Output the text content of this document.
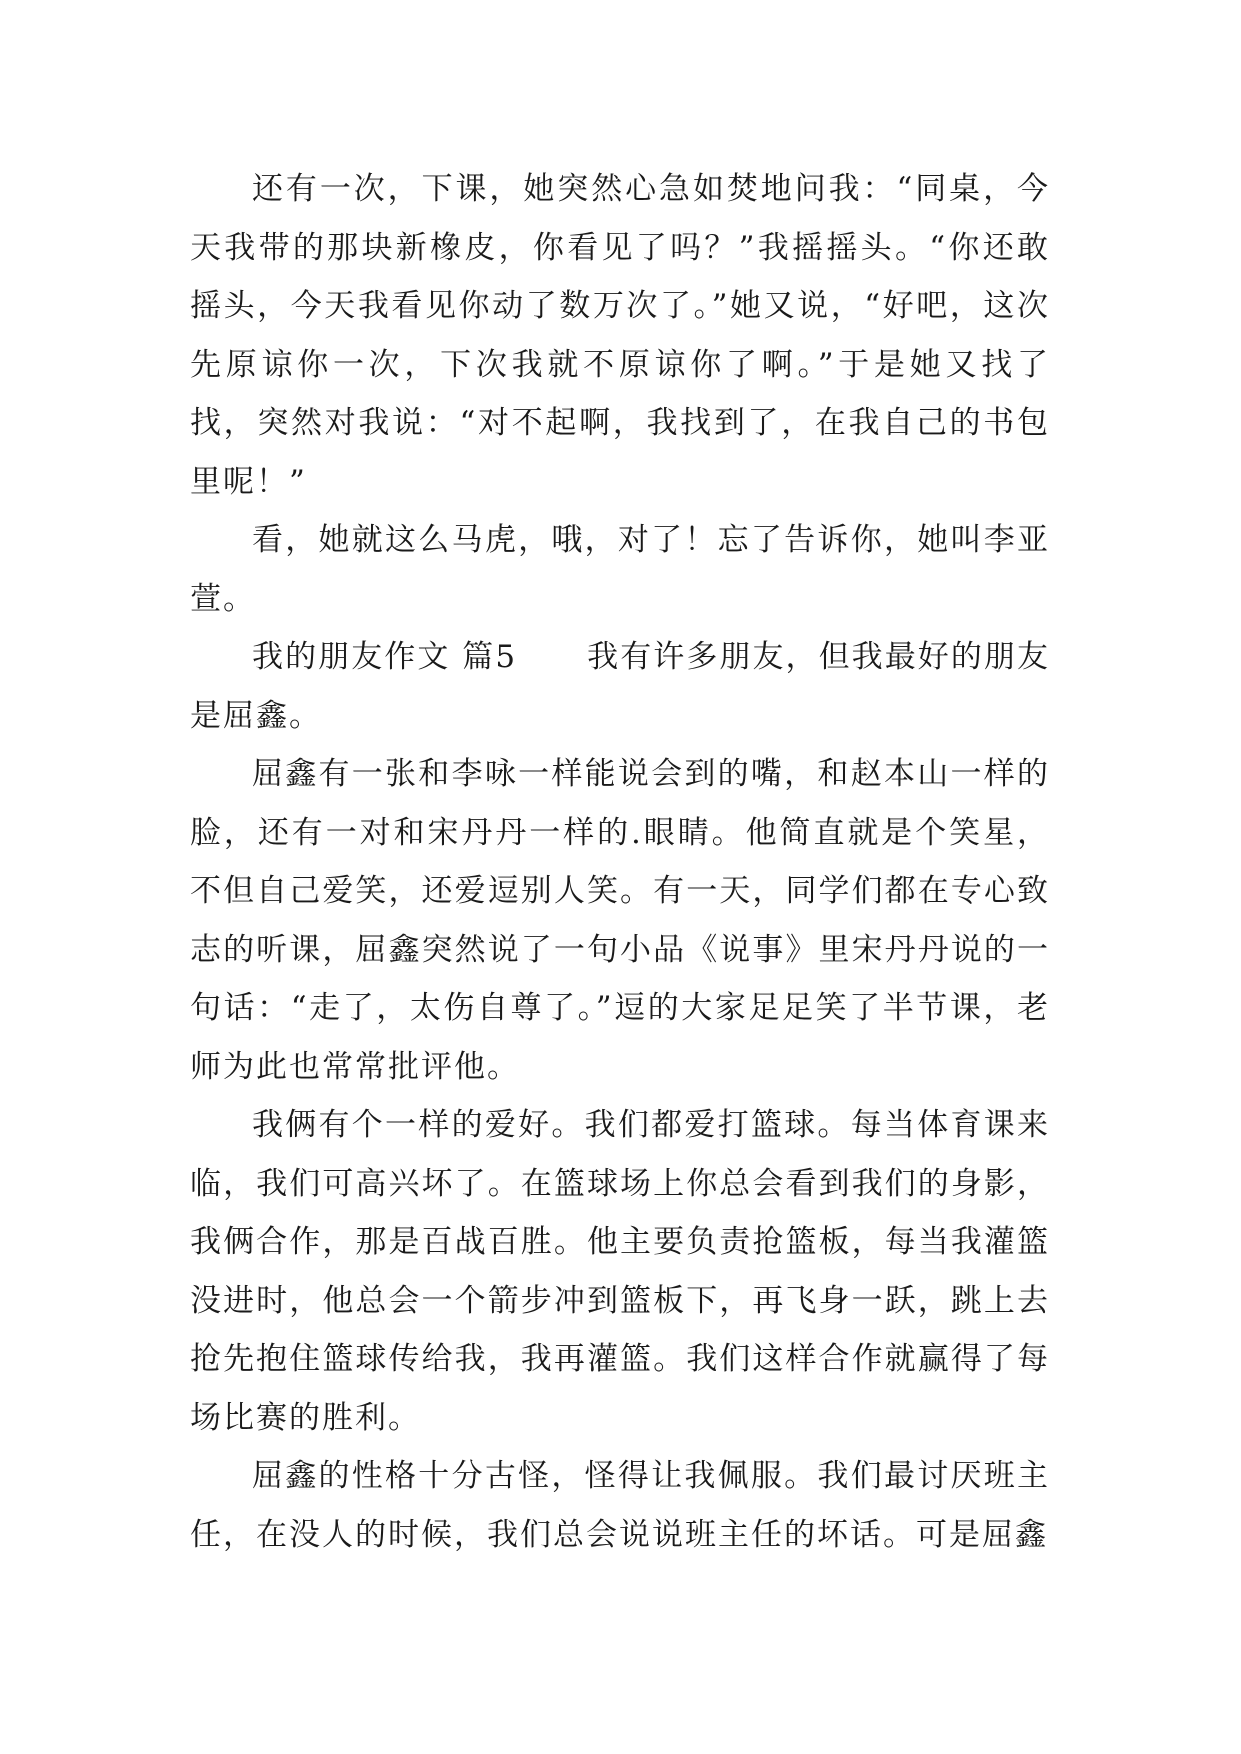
还有一次，下课，她突然心急如焚地问我：“同桌，今天我带的那块新橡皮，你看见了吗？”我摇摇头。“你还敢摇头，今天我看见你动了数万次了。”她又说，“好吧，这次先原谅你一次，下次我就不原谅你了啊。”于是她又找了找，突然对我说：“对不起啊，我找到了，在我自己的书包里呢！”

看，她就这么马虎，哦，对了！忘了告诉你，她叫李亚萱。

我的朋友作文 篇5 我有许多朋友，但我最好的朋友是屈鑫。

屈鑫有一张和李咏一样能说会到的嘴，和赵本山一样的脸，还有一对和宋丹丹一样的.眼睛。他简直就是个笑星，不但自己爱笑，还爱逗别人笑。有一天，同学们都在专心致志的听课，屈鑫突然说了一句小品《说事》里宋丹丹说的一句话：“走了，太伤自尊了。”逗的大家足足笑了半节课，老师为此也常常批评他。

我俩有个一样的爱好。我们都爱打篮球。每当体育课来临，我们可高兴坏了。在篮球场上你总会看到我们的身影，我俩合作，那是百战百胜。他主要负责抢篮板，每当我灌篮没进时，他总会一个箭步冲到篮板下，再飞身一跃，跳上去抢先抱住篮球传给我，我再灌篮。我们这样合作就赢得了每场比赛的胜利。

屈鑫的性格十分古怪，怪得让我佩服。我们最讨厌班主任，在没人的时候，我们总会说说班主任的坏话。可是屈鑫
